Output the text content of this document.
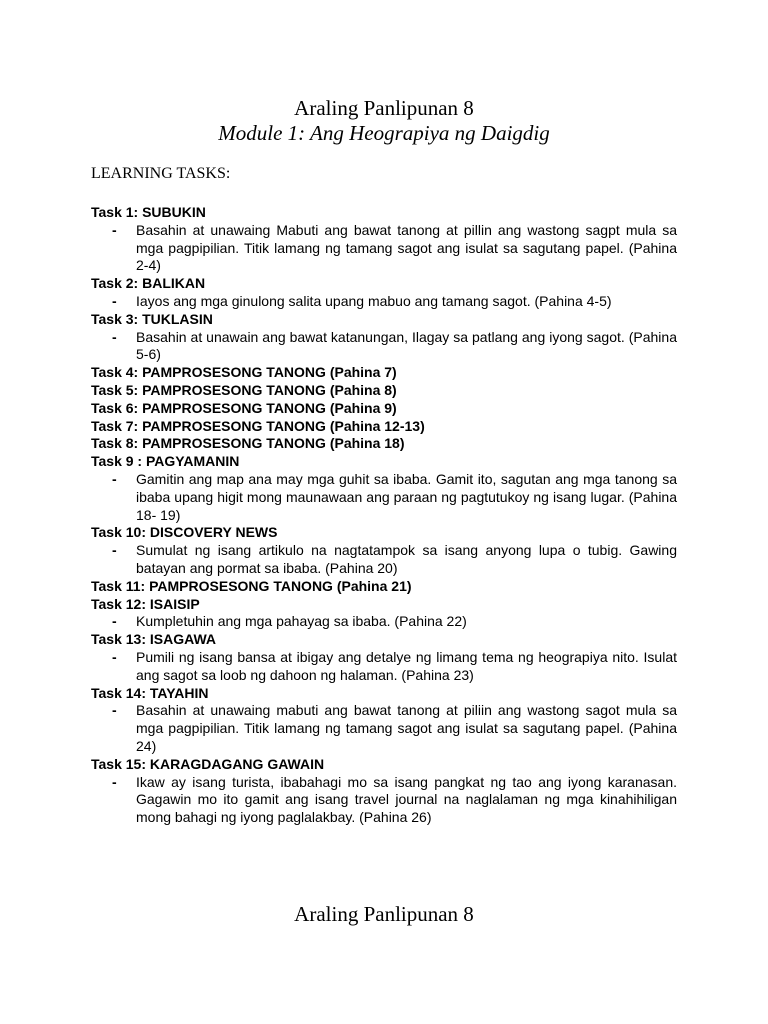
Araling Panlipunan 8
Module 1: Ang Heograpiya ng Daigdig
LEARNING TASKS:
Task 1: SUBUKIN
- Basahin at unawaing Mabuti ang bawat tanong at pillin ang wastong sagpt mula sa mga pagpipilian. Titik lamang ng tamang sagot ang isulat sa sagutang papel. (Pahina 2-4)
Task 2: BALIKAN
- Iayos ang mga ginulong salita upang mabuo ang tamang sagot. (Pahina 4-5)
Task 3: TUKLASIN
- Basahin at unawain ang bawat katanungan, Ilagay sa patlang ang iyong sagot. (Pahina 5-6)
Task 4: PAMPROSESONG TANONG (Pahina 7)
Task 5: PAMPROSESONG TANONG (Pahina 8)
Task 6: PAMPROSESONG TANONG (Pahina 9)
Task 7: PAMPROSESONG TANONG (Pahina 12-13)
Task 8: PAMPROSESONG TANONG (Pahina 18)
Task 9 : PAGYAMANIN
- Gamitin ang map ana may mga guhit sa ibaba. Gamit ito, sagutan ang mga tanong sa ibaba upang higit mong maunawaan ang paraan ng pagtutukoy ng isang lugar. (Pahina 18- 19)
Task 10: DISCOVERY NEWS
- Sumulat ng isang artikulo na nagtatampok sa isang anyong lupa o tubig. Gawing batayan ang pormat sa ibaba. (Pahina 20)
Task 11: PAMPROSESONG TANONG (Pahina 21)
Task 12: ISAISIP
- Kumpletuhin ang mga pahayag sa ibaba. (Pahina 22)
Task 13: ISAGAWA
- Pumili ng isang bansa at ibigay ang detalye ng limang tema ng heograpiya nito. Isulat ang sagot sa loob ng dahoon ng halaman. (Pahina 23)
Task 14: TAYAHIN
- Basahin at unawaing mabuti ang bawat tanong at piliin ang wastong sagot mula sa mga pagpipilian. Titik lamang ng tamang sagot ang isulat sa sagutang papel. (Pahina 24)
Task 15: KARAGDAGANG GAWAIN
- Ikaw ay isang turista, ibabahagi mo sa isang pangkat ng tao ang iyong karanasan. Gagawin mo ito gamit ang isang travel journal na naglalaman ng mga kinahihiligan mong bahagi ng iyong paglalakbay. (Pahina 26)
Araling Panlipunan 8
